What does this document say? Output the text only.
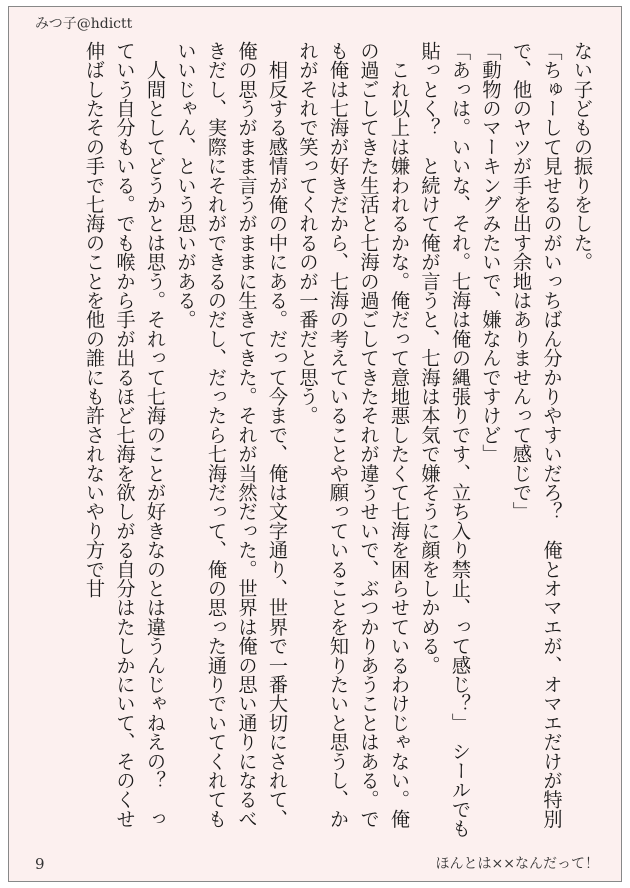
みつ子@hdictt

ない子どもの振りをした。

「ちゅーして見せるのがいっちばん分かりやすいだろ？　俺とオマエが、オマエだけが特別で、他のヤツが手を出す余地はありませんって感じで」

「動物のマーキングみたいで、嫌なんですけど」

「あっは。いいな、それ。七海は俺の縄張りです、立ち入り禁止、って感じ？」　シールでも貼っとく？　と続けて俺が言うと、七海は本気で嫌そうに顔をしかめる。

　これ以上は嫌われるかな。俺だって意地悪したくて七海を困らせているわけじゃない。俺の過ごしてきた生活と七海の過ごしてきたそれが違うせいで、ぶつかりあうことはある。でも俺は七海が好きだから、七海の考えていることや願っていることを知りたいと思うし、かれがそれで笑ってくれるのが一番だと思う。

　相反する感情が俺の中にある。だって今まで、俺は文字通り、世界で一番大切にされて、俺の思うがまま言うがままに生きてきた。それが当然だった。世界は俺の思い通りになるべきだし、実際にそれができるのだし、だったら七海だって、俺の思った通りでいてくれてもいいじゃん、という思いがある。

　人間としてどうかとは思う。それって七海のことが好きなのとは違うんじゃねえの？　っていう自分もいる。でも喉から手が出るほど七海を欲しがる自分はたしかにいて、そのくせ伸ばしたその手で七海のことを他の誰にも許されないやり方で甘

9	ほんとは××なんだって！
